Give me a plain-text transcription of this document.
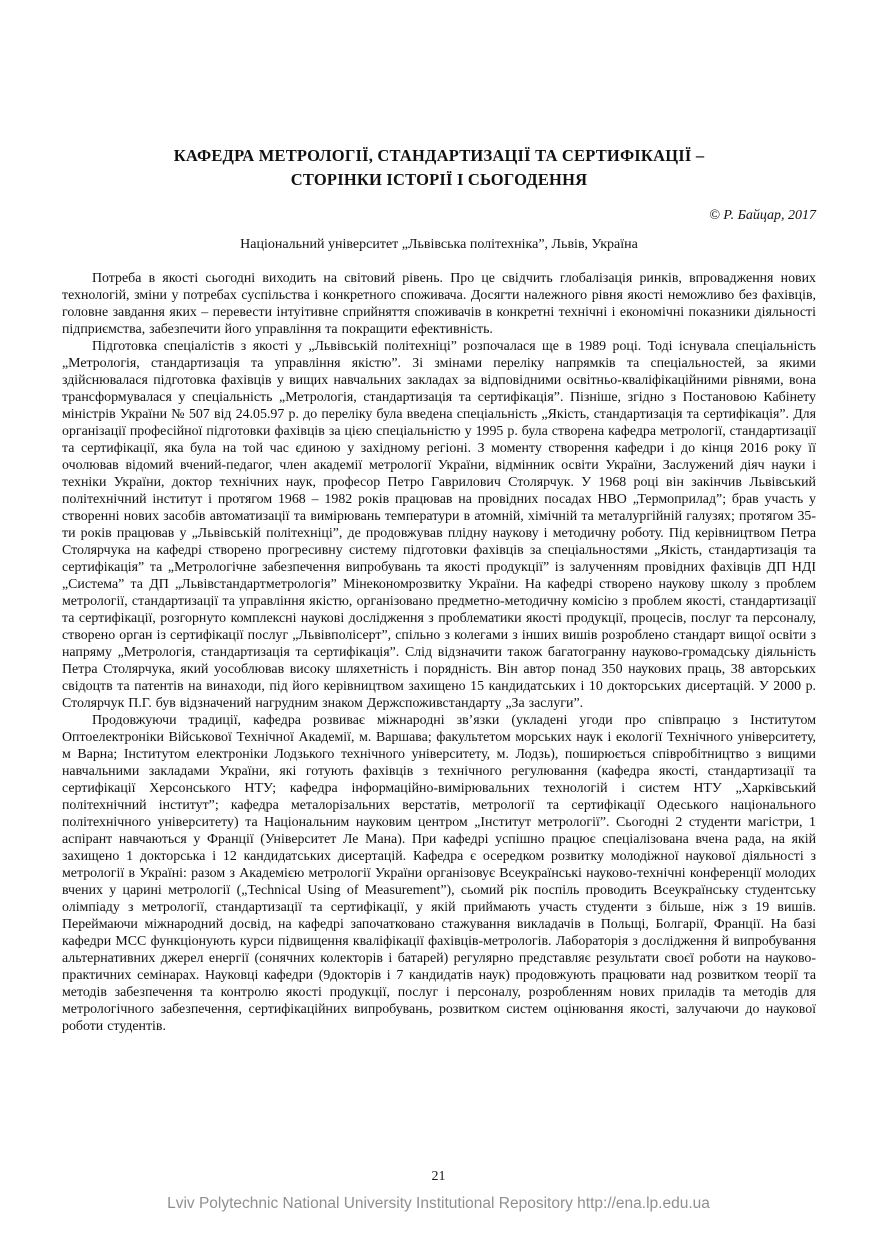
КАФЕДРА МЕТРОЛОГІЇ, СТАНДАРТИЗАЦІЇ ТА СЕРТИФІКАЦІЇ –
СТОРІНКИ ІСТОРІЇ І СЬОГОДЕННЯ
© Р. Байцар, 2017
Національний університет „Львівська політехніка”, Львів, Україна

Потреба в якості сьогодні виходить на світовий рівень. Про це свідчить глобалізація ринків, впровадження нових технологій, зміни у потребах суспільства і конкретного споживача. Досягти належного рівня якості неможливо без фахівців, головне завдання яких – перевести інтуітивне сприйняття споживачів в конкретні технічні і економічні показники діяльності підприємства, забезпечити його управління та покращити ефективність.

Підготовка спеціалістів з якості у „Львівській політехніці” розпочалася ще в 1989 році. Тоді існувала спеціальність „Метрологія, стандартизація та управління якістю”. Зі змінами переліку напрямків та спеціальностей, за якими здійснювалася підготовка фахівців у вищих навчальних закладах за відповідними освітньо-кваліфікаційними рівнями, вона трансформувалася у спеціальність „Метрологія, стандартизація та сертифікація”. Пізніше, згідно з Постановою Кабінету міністрів України № 507 від 24.05.97 р. до переліку була введена спеціальність „Якість, стандартизація та сертифікація”. Для організації професійної підготовки фахівців за цією спеціальністю у 1995 р. була створена кафедра метрології, стандартизації та сертифікації, яка була на той час єдиною у західному регіоні. З моменту створення кафедри і до кінця 2016 року її очолював відомий вчений-педагог, член академії метрології України, відмінник освіти України, Заслужений діяч науки і техніки України, доктор технічних наук, професор Петро Гаврилович Столярчук. У 1968 році він закінчив Львівський політехнічний інститут і протягом 1968 – 1982 років працював на провідних посадах НВО „Термоприлад”; брав участь у створенні нових засобів автоматизації та вимірювань температури в атомній, хімічній та металургійній галузях; протягом 35-ти років працював у „Львівській політехніці”, де продовжував плідну наукову і методичну роботу. Під керівництвом Петра Столярчука на кафедрі створено прогресивну систему підготовки фахівців за спеціальностями „Якість, стандартизація та сертифікація” та „Метрологічне забезпечення випробувань та якості продукції” із залученням провідних фахівців ДП НДІ „Система” та ДП „Львівстандартметрологія” Мінекономрозвитку України. На кафедрі створено наукову школу з проблем метрології, стандартизації та управління якістю, організовано предметно-методичну комісію з проблем якості, стандартизації та сертифікації, розгорнуто комплексні наукові дослідження з проблематики якості продукції, процесів, послуг та персоналу, створено орган із сертифікації послуг „Львівполісерт”, спільно з колегами з інших вишів розроблено стандарт вищої освіти з напряму „Метрологія, стандартизація та сертифікація”. Слід відзначити також багатогранну науково-громадську діяльність Петра Столярчука, який уособлював високу шляхетність і порядність. Він автор понад 350 наукових праць, 38 авторських свідоцтв та патентів на винаходи, під його керівництвом захищено 15 кандидатських і 10 докторських дисертацій. У 2000 р. Столярчук П.Г. був відзначений нагрудним знаком Держспоживстандарту „За заслуги”.

Продовжуючи традиції, кафедра розвиває міжнародні зв’язки (укладені угоди про співпрацю з Інститутом Оптоелектроніки Військової Технічної Академії, м. Варшава; факультетом морських наук і екології Технічного університету, м Варна; Інститутом електроніки Лодзького технічного університету, м. Лодзь), поширюється співробітництво з вищими навчальними закладами України, які готують фахівців з технічного регулювання (кафедра якості, стандартизації та сертифікації Херсонського НТУ; кафедра інформаційно-вимірювальних технологій і систем НТУ „Харківський політехнічний інститут”; кафедра металорізальних верстатів, метрології та сертифікації Одеського національного політехнічного університету) та Національним науковим центром „Інститут метрології”. Сьогодні 2 студенти магістри, 1 аспірант навчаються у Франції (Університет Ле Мана). При кафедрі успішно працює спеціалізована вчена рада, на якій захищено 1 докторська і 12 кандидатських дисертацій. Кафедра є осередком розвитку молодіжної наукової діяльності з метрології в Україні: разом з Академією метрології України організовує Всеукраїнські науково-технічні конференції молодих вчених у царині метрології („Technical Using of Measurement”), сьомий рік поспіль проводить Всеукраїнську студентську олімпіаду з метрології, стандартизації та сертифікації, у якій приймають участь студенти з більше, ніж з 19 вишів. Переймаючи міжнародний досвід, на кафедрі започатковано стажування викладачів в Польщі, Болгарії, Франції. На базі кафедри МСС функціонують курси підвищення кваліфікації фахівців-метрологів. Лабораторія з дослідження й випробування альтернативних джерел енергії (сонячних колекторів і батарей) регулярно представляє результати своєї роботи на науково-практичних семінарах. Науковці кафедри (9докторів і 7 кандидатів наук) продовжують працювати над розвитком теорії та методів забезпечення та контролю якості продукції, послуг і персоналу, розробленням нових приладів та методів для метрологічного забезпечення, сертифікаційних випробувань, розвитком систем оцінювання якості, залучаючи до наукової роботи студентів.

21
Lviv Polytechnic National University Institutional Repository http://ena.lp.edu.ua
